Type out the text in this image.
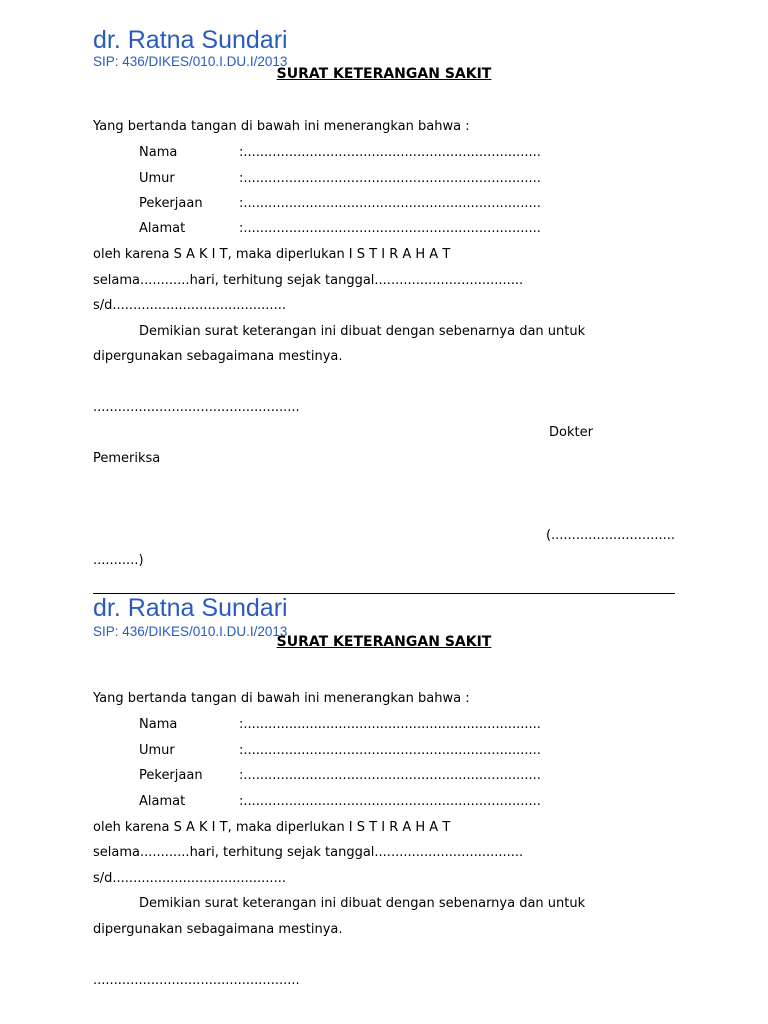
dr. Ratna Sundari
SIP: 436/DIKES/010.I.DU.I/2013
SURAT KETERANGAN SAKIT
Yang bertanda tangan di bawah ini menerangkan bahwa :
Nama	:........................................................................
Umur	:........................................................................
Pekerjaan	:........................................................................
Alamat	:........................................................................
oleh karena S A K I T, maka diperlukan I S T I R A H A T
selama............hari, terhitung sejak tanggal....................................
s/d..........................................
Demikian surat keterangan ini dibuat dengan sebenarnya dan untuk
dipergunakan sebagaimana mestinya.
..................................................
Dokter
Pemeriksa
(..............................
...........)
dr. Ratna Sundari
SIP: 436/DIKES/010.I.DU.I/2013
SURAT KETERANGAN SAKIT
Yang bertanda tangan di bawah ini menerangkan bahwa :
Nama	:........................................................................
Umur	:........................................................................
Pekerjaan	:........................................................................
Alamat	:........................................................................
oleh karena S A K I T, maka diperlukan I S T I R A H A T
selama............hari, terhitung sejak tanggal....................................
s/d..........................................
Demikian surat keterangan ini dibuat dengan sebenarnya dan untuk
dipergunakan sebagaimana mestinya.
..................................................
